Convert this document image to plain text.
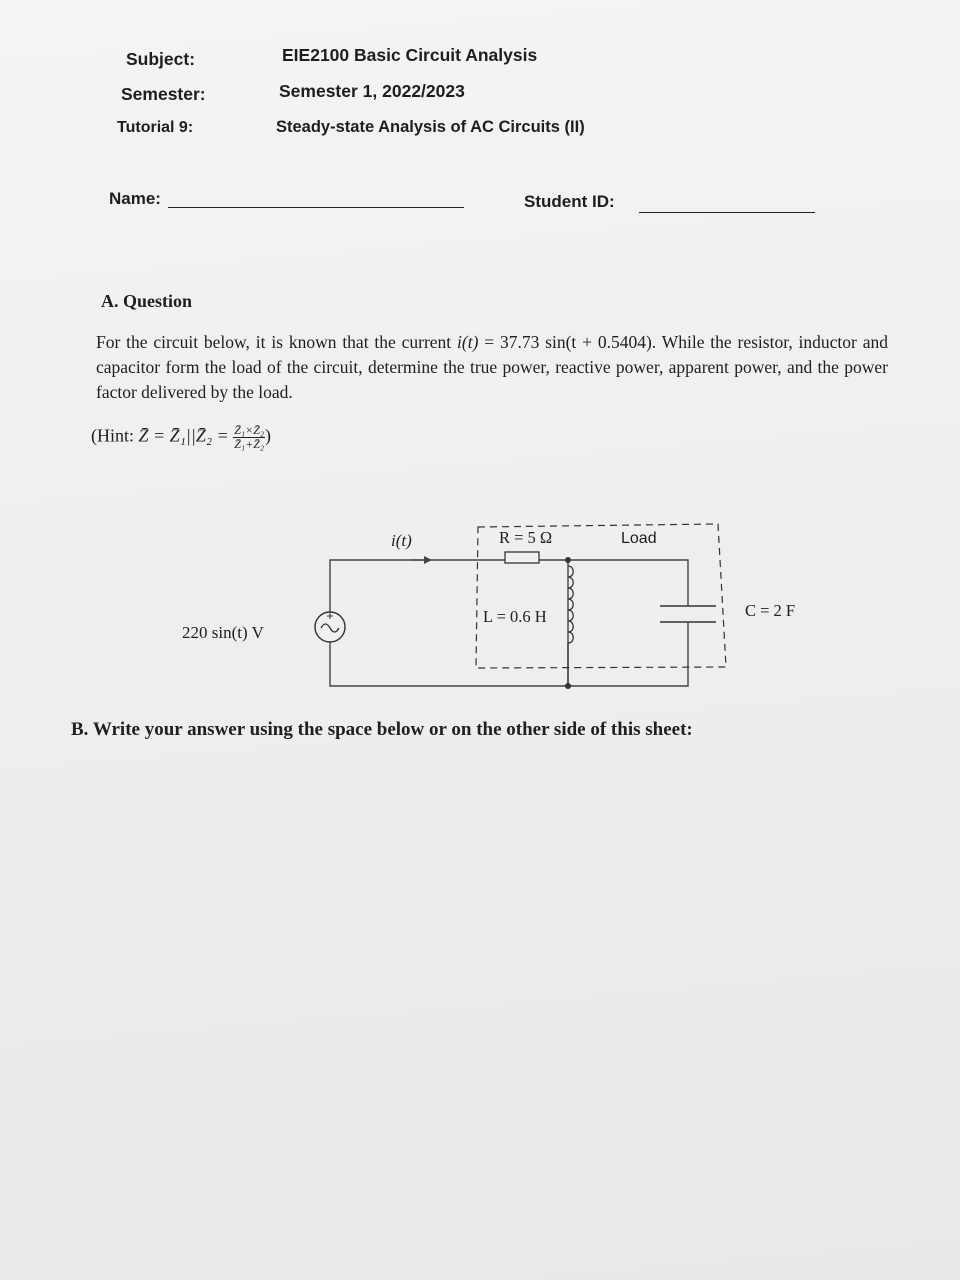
Subject:	EIE2100 Basic Circuit Analysis
Semester:	Semester 1, 2022/2023
Tutorial 9:	Steady-state Analysis of AC Circuits (II)
Name:	Student ID:
A. Question
For the circuit below, it is known that the current i(t) = 37.73 sin(t + 0.5404). While the resistor, inductor and capacitor form the load of the circuit, determine the true power, reactive power, apparent power, and the power factor delivered by the load.
(Hint: Z̄ = Z̄₁||Z̄₂ = $\frac{\text{Z̄₁×Z̄₂}}{\text{Z̄₁+Z̄₂}}$ )
220 sin(t) V
i(t)	R = 5 Ω	Load
L = 0.6 H	C = 2 F
B. Write your answer using the space below or on the other side of this sheet:
